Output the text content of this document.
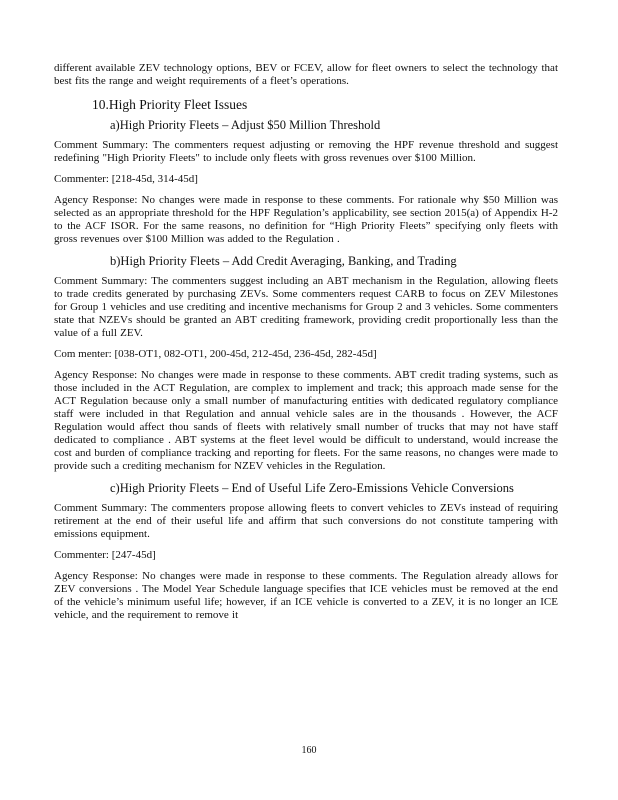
different available ZEV technology options, BEV or FCEV, allow for fleet owners to select the technology that best fits the range and weight requirements of a fleet’s operations.

10.High Priority Fleet Issues
a)High Priority Fleets – Adjust $50 Million Threshold

Comment Summary: The commenters request adjusting or removing the HPF revenue threshold and suggest redefining "High Priority Fleets" to include only fleets with gross revenues over $100 Million.

Commenter: [218-45d, 314-45d]

Agency Response: No changes were made in response to these comments. For rationale why $50 Million was selected as an appropriate threshold for the HPF Regulation’s applicability, see section 2015(a) of Appendix H-2 to the ACF ISOR. For the same reasons, no definition for “High Priority Fleets” specifying only fleets with gross revenues over $100 Million was added to the Regulation .

b)High Priority Fleets – Add Credit Averaging, Banking, and Trading

Comment Summary: The commenters suggest including an ABT mechanism in the Regulation, allowing fleets to trade credits generated by purchasing ZEVs. Some commenters request CARB to focus on ZEV Milestones for Group 1 vehicles and use crediting and incentive mechanisms for Group 2 and 3 vehicles. Some commenters state that NZEVs should be granted an ABT crediting framework, providing credit proportionally less than the value of a full ZEV.

Com menter: [038-OT1, 082-OT1, 200-45d, 212-45d, 236-45d, 282-45d]

Agency Response: No changes were made in response to these comments. ABT credit trading systems, such as those included in the ACT Regulation, are complex to implement and track; this approach made sense for the ACT Regulation because only a small number of manufacturing entities with dedicated regulatory compliance staff were included in that Regulation and annual vehicle sales are in the thousands . However, the ACF Regulation would affect thou sands of fleets with relatively small number of trucks that may not have staff dedicated to compliance . ABT systems at the fleet level would be difficult to understand, would increase the cost and burden of compliance tracking and reporting for fleets. For the same reasons, no changes were made to provide such a crediting mechanism for NZEV vehicles in the Regulation.

c)High Priority Fleets – End of Useful Life Zero-Emissions Vehicle Conversions

Comment Summary: The commenters propose allowing fleets to convert vehicles to ZEVs instead of requiring retirement at the end of their useful life and affirm that such conversions do not constitute tampering with emissions equipment.

Commenter: [247-45d]

Agency Response: No changes were made in response to these comments. The Regulation already allows for ZEV conversions . The Model Year Schedule language specifies that ICE vehicles must be removed at the end of the vehicle’s minimum useful life; however, if an ICE vehicle is converted to a ZEV, it is no longer an ICE vehicle, and the requirement to remove it

160
